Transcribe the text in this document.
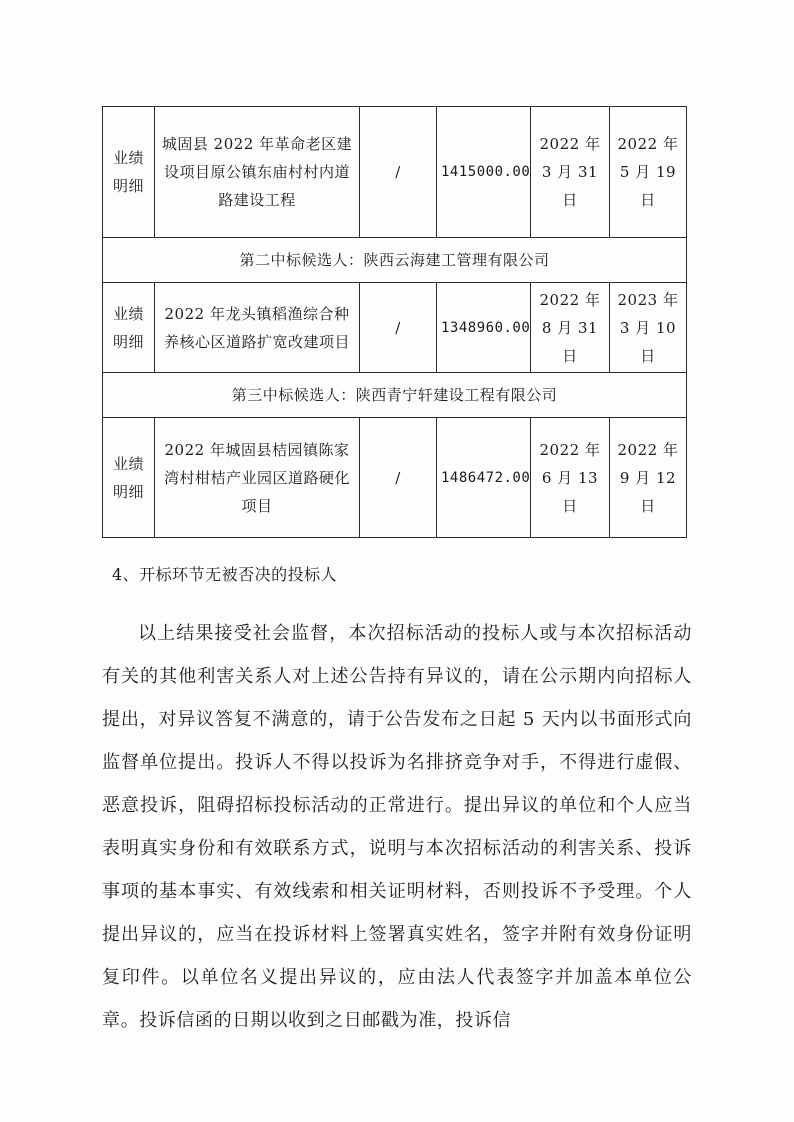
业绩明细	城固县 2022 年革命老区建设项目原公镇东庙村村内道路建设工程	/	1415000.00	2022 年 3 月 31 日	2022 年 5 月 19 日
第二中标候选人：陕西云海建工管理有限公司					
业绩明细	2022 年龙头镇稻渔综合种养核心区道路扩宽改建项目	/	1348960.00	2022 年 8 月 31 日	2023 年 3 月 10 日
第三中标候选人：陕西青宁轩建设工程有限公司					
业绩明细	2022 年城固县桔园镇陈家湾村柑桔产业园区道路硬化项目	/	1486472.00	2022 年 6 月 13 日	2022 年 9 月 12 日
4、开标环节无被否决的投标人

以上结果接受社会监督，本次招标活动的投标人或与本次招标活动有关的其他利害关系人对上述公告持有异议的，请在公示期内向招标人提出，对异议答复不满意的，请于公告发布之日起 5 天内以书面形式向监督单位提出。投诉人不得以投诉为名排挤竞争对手，不得进行虚假、恶意投诉，阻碍招标投标活动的正常进行。提出异议的单位和个人应当表明真实身份和有效联系方式，说明与本次招标活动的利害关系、投诉事项的基本事实、有效线索和相关证明材料，否则投诉不予受理。个人提出异议的，应当在投诉材料上签署真实姓名，签字并附有效身份证明复印件。以单位名义提出异议的，应由法人代表签字并加盖本单位公章。投诉信函的日期以收到之日邮戳为准，投诉信
